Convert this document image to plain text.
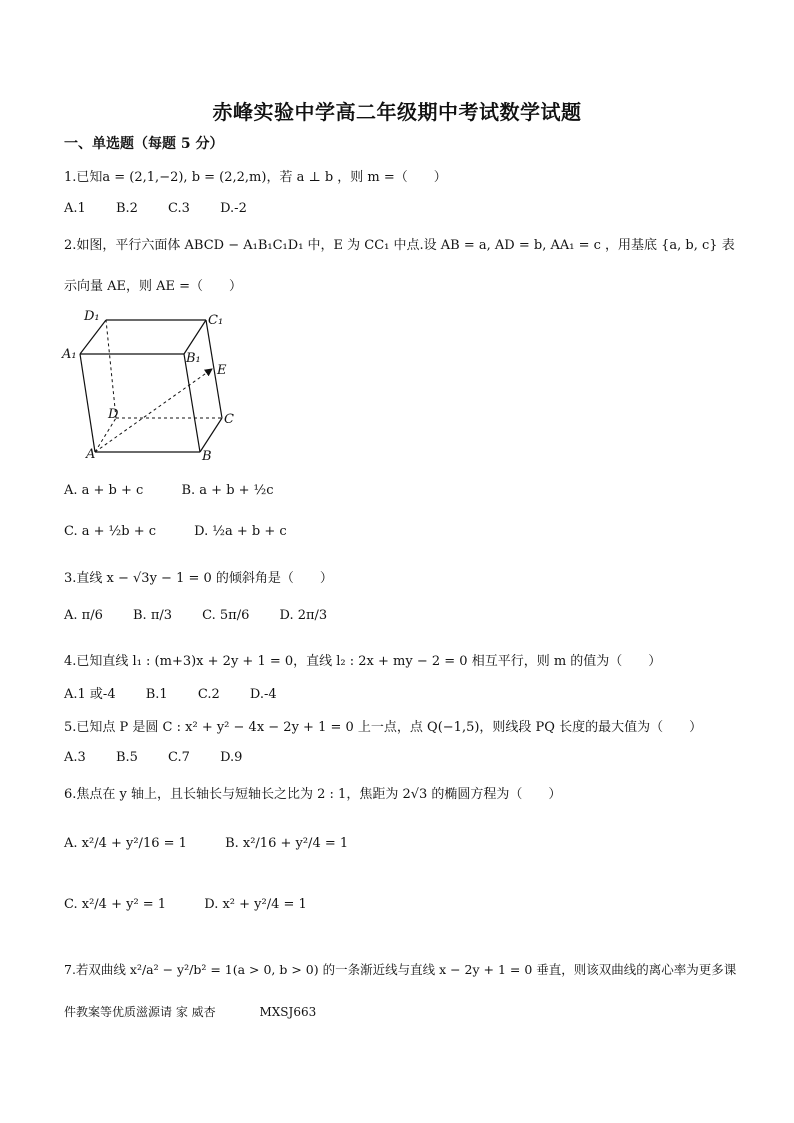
赤峰实验中学高二年级期中考试数学试题
一、单选题（每题 5 分）
1.已知a = (2,1,−2), b = (2,2,m)，若 a ⊥ b ，则 m =（　　）
A.1 B.2 C.3 D.-2
2.如图，平行六面体 ABCD − A₁B₁C₁D₁ 中，E 为 CC₁ 中点.设 AB = a, AD = b, AA₁ = c ，用基底 {a, b, c} 表
示向量 AE，则 AE =（　　）
D₁	C₁
A₁	B₁
E
D	C
A	B
A. a + b + c	B. a + b + ½c
C. a + ½b + c	D. ½a + b + c
3.直线 x − √3y − 1 = 0 的倾斜角是（　　）
A. π/6 B. π/3 C. 5π/6 D. 2π/3
4.已知直线 l₁ : (m+3)x + 2y + 1 = 0，直线 l₂ : 2x + my − 2 = 0 相互平行，则 m 的值为（　　）
A.1 或-4 B.1 C.2 D.-4
5.已知点 P 是圆 C : x² + y² − 4x − 2y + 1 = 0 上一点，点 Q(−1,5)，则线段 PQ 长度的最大值为（　　）
A.3 B.5 C.7 D.9
6.焦点在 y 轴上，且长轴长与短轴长之比为 2 : 1，焦距为 2√3 的椭圆方程为（　　）
A. x²/4 + y²/16 = 1	B. x²/16 + y²/4 = 1
C. x²/4 + y² = 1	D. x² + y²/4 = 1
7.若双曲线 x²/a² − y²/b² = 1(a > 0, b > 0) 的一条渐近线与直线 x − 2y + 1 = 0 垂直，则该双曲线的离心率为更多课
件教案等优质滋源请 家 威杏	MXSJ663
